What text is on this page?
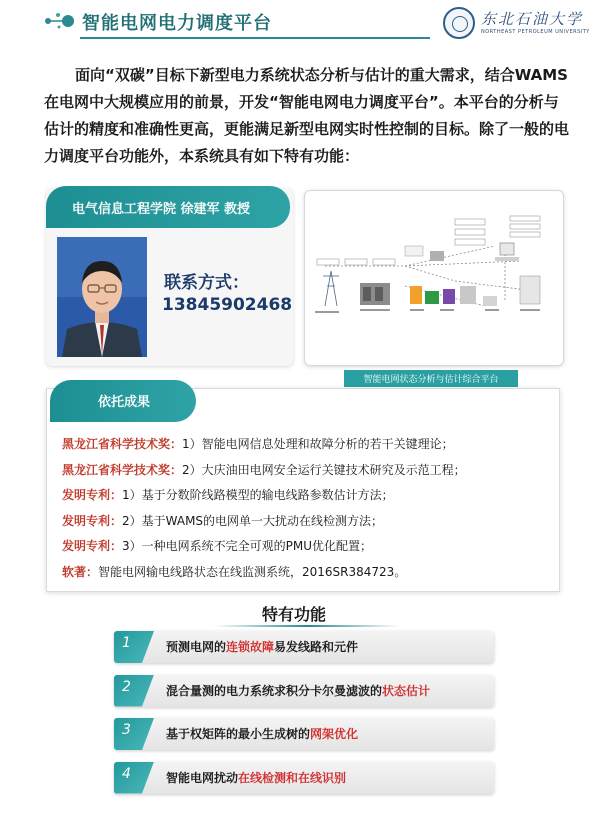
智能电网电力调度平台	东北石油大学
NORTHEAST PETROLEUM UNIVERSITY

面向“双碳”目标下新型电力系统状态分析与估计的重大需求，结合WAMS在电网中大规模应用的前景，开发“智能电网电力调度平台”。本平台的分析与估计的精度和准确性更高，更能满足新型电网实时性控制的目标。除了一般的电力调度平台功能外，本系统具有如下特有功能：

电气信息工程学院 徐建军 教授
联系方式：
13845902468
智能电网状态分析与估计综合平台
依托成果
黑龙江省科学技术奖：1）智能电网信息处理和故障分析的若干关键理论；
黑龙江省科学技术奖：2）大庆油田电网安全运行关键技术研究及示范工程；
发明专利：1）基于分数阶线路模型的输电线路参数估计方法；
发明专利：2）基于WAMS的电网单一大扰动在线检测方法；
发明专利：3）一种电网系统不完全可观的PMU优化配置；
软著：智能电网输电线路状态在线监测系统，2016SR384723。
特有功能
1	预测电网的连锁故障易发线路和元件
2	混合量测的电力系统求积分卡尔曼滤波的状态估计
3	基于权矩阵的最小生成树的网架优化
4	智能电网扰动在线检测和在线识别
